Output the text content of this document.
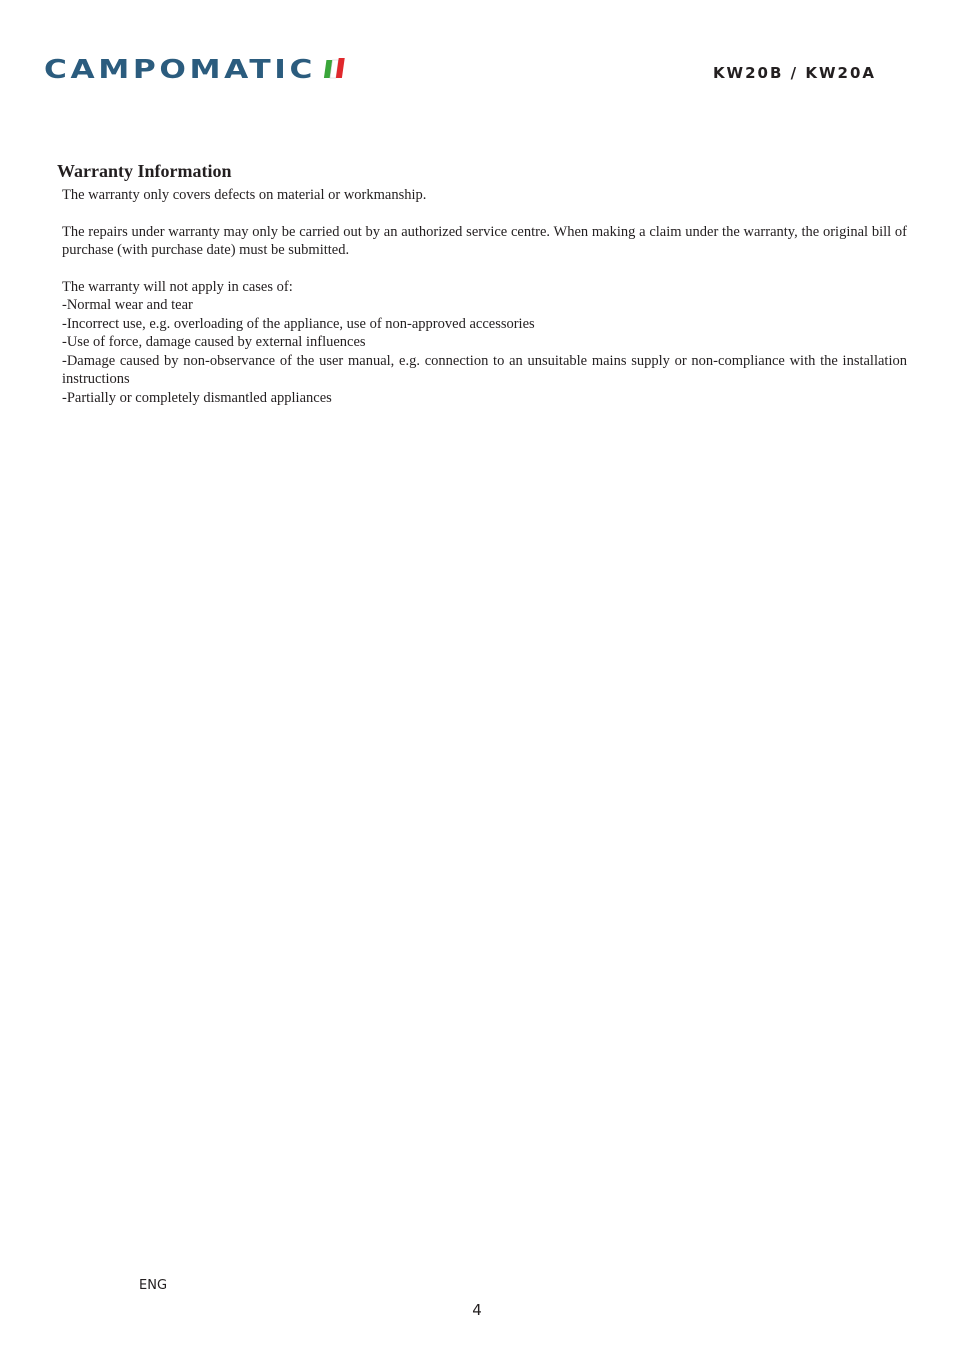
CAMPOMATIC	KW20B / KW20A
Warranty Information

The warranty only covers defects on material or workmanship.

The repairs under warranty may only be carried out by an authorized service centre. When making a claim under the warranty, the original bill of purchase (with purchase date) must be submitted.

The warranty will not apply in cases of:
-Normal wear and tear
-Incorrect use, e.g. overloading of the appliance, use of non-approved accessories
-Use of force, damage caused by external influences
-Damage caused by non-observance of the user manual, e.g. connection to an unsuitable mains supply or non-compliance with the installation instructions
-Partially or completely dismantled appliances
ENG
4
